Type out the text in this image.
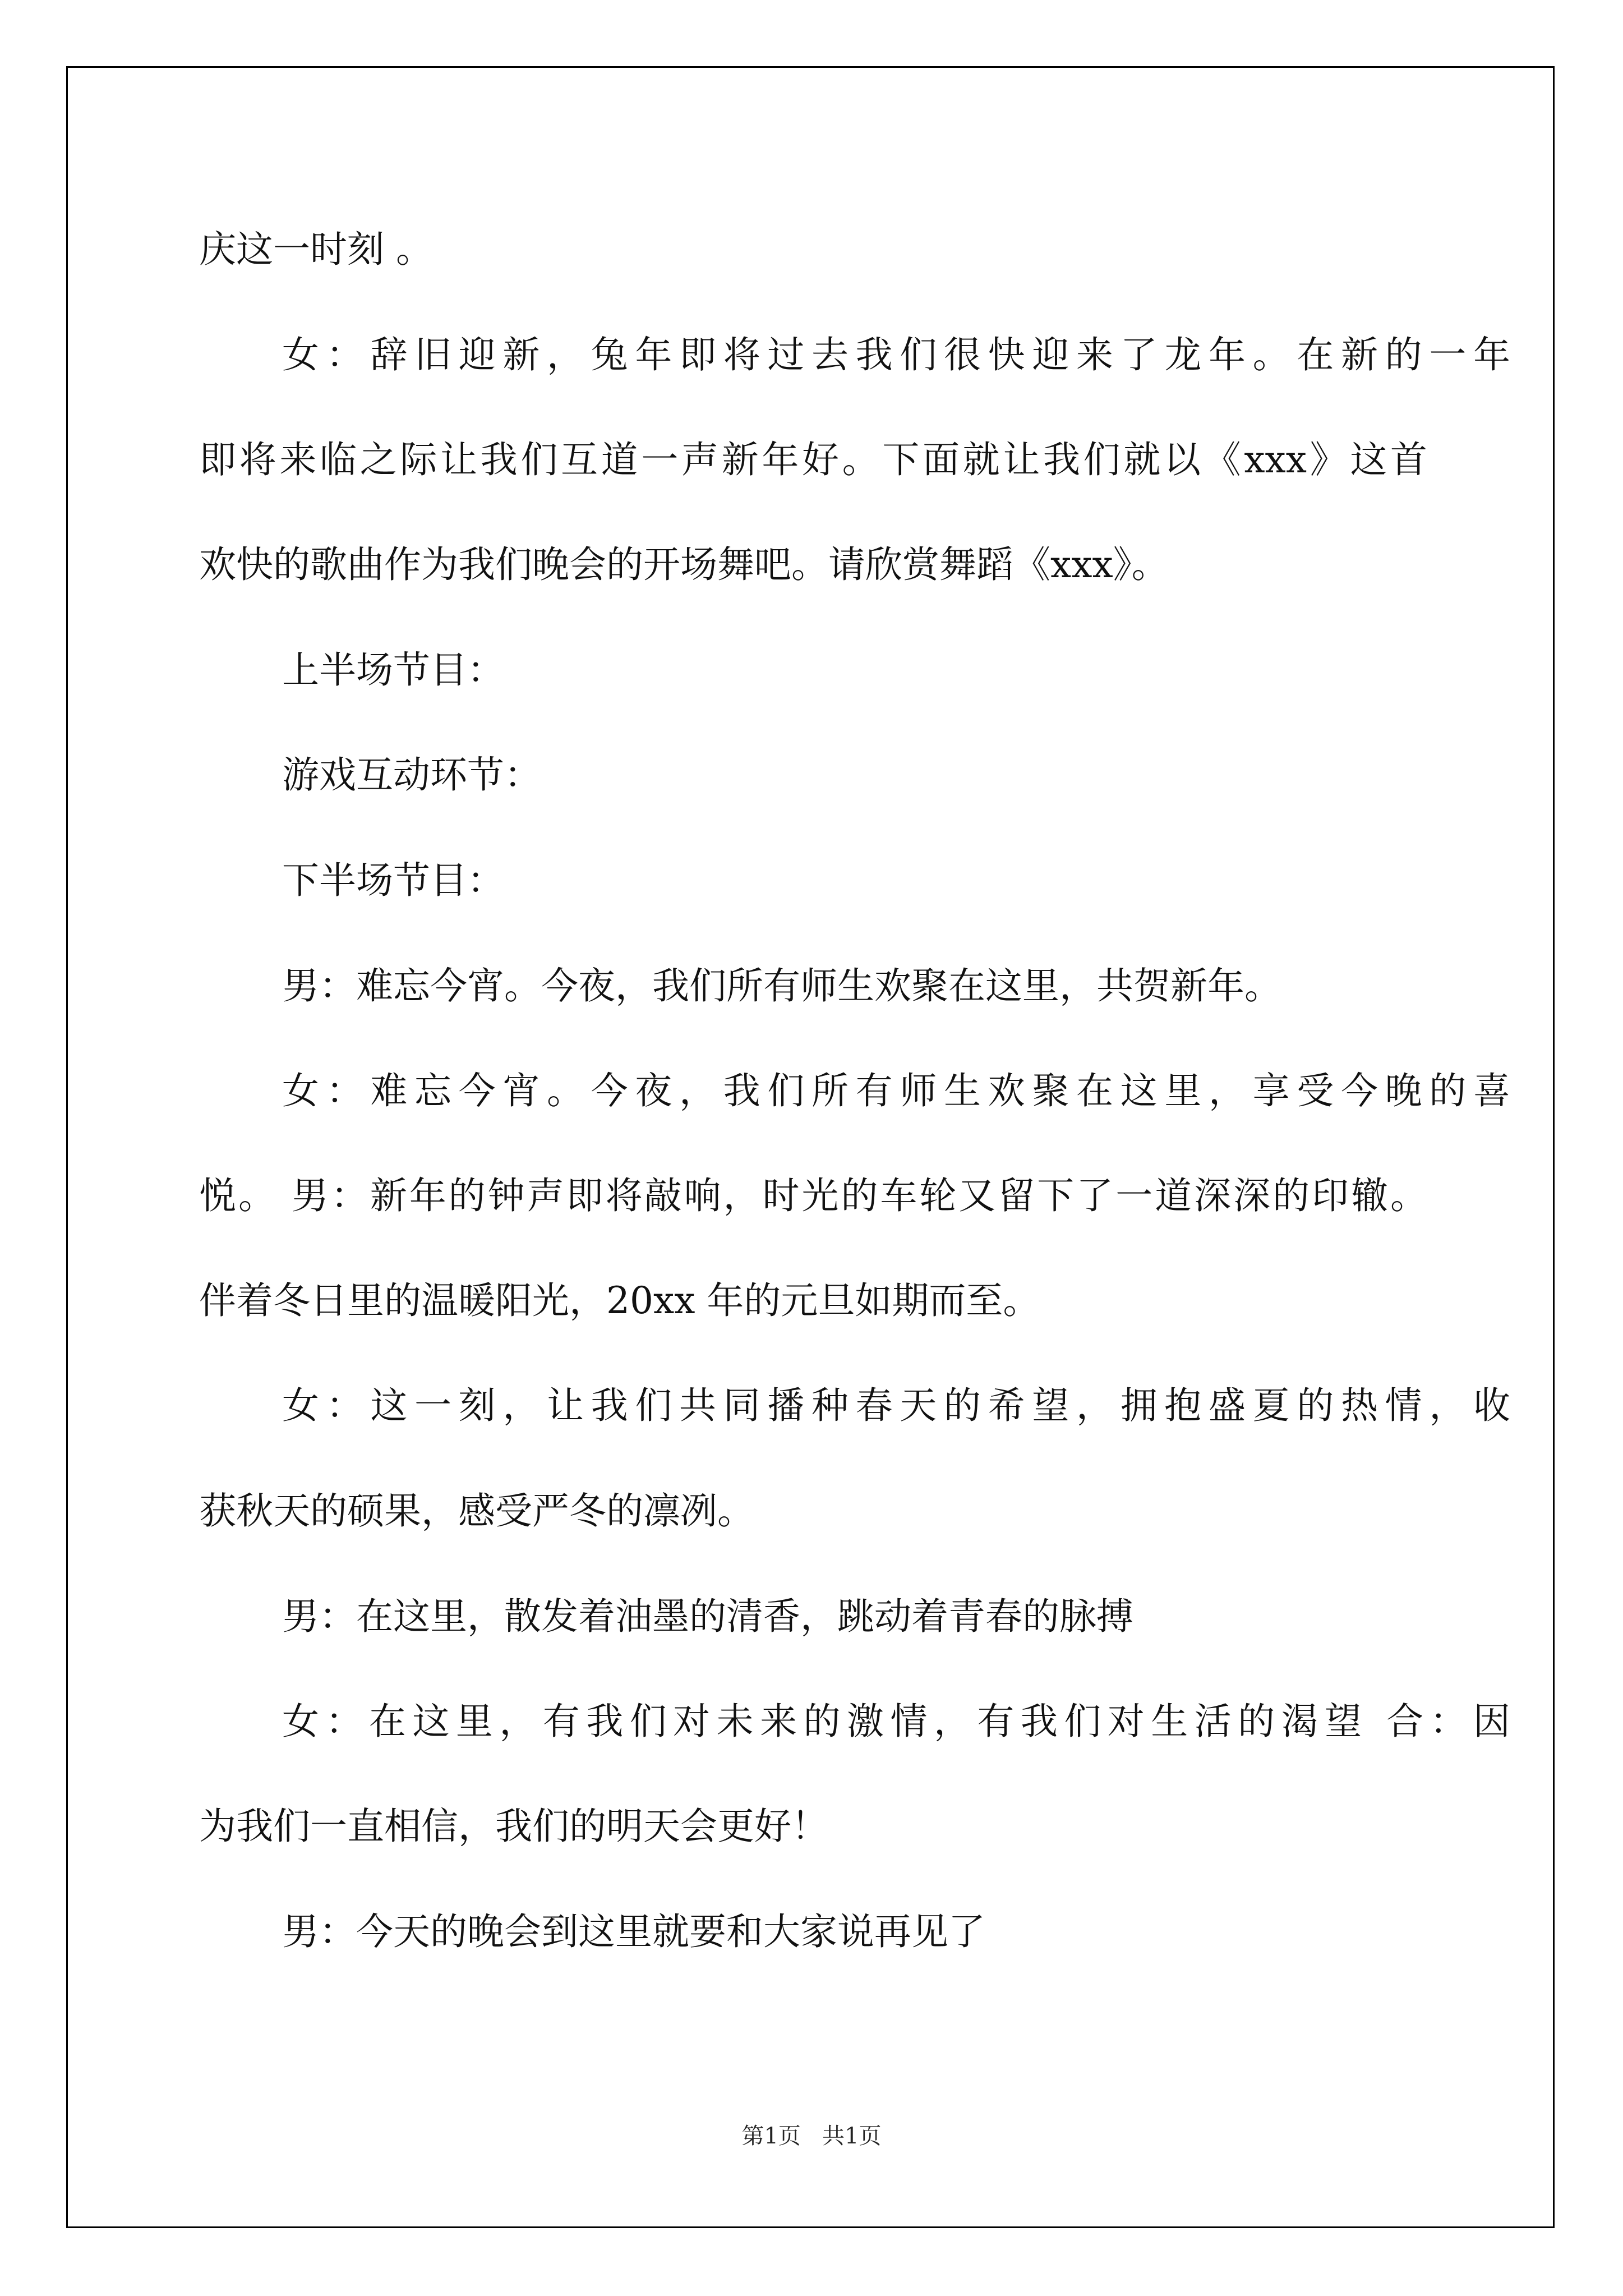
庆这一时刻 。
女：辞旧迎新，兔年即将过去我们很快迎来了龙年。在新的一年
即将来临之际让我们互道一声新年好。下面就让我们就以《xxx》这首
欢快的歌曲作为我们晚会的开场舞吧。请欣赏舞蹈《xxx》。
上半场节目：
游戏互动环节：
下半场节目：
男：难忘今宵。今夜，我们所有师生欢聚在这里，共贺新年。
女：难忘今宵。今夜，我们所有师生欢聚在这里，享受今晚的喜
悦。 男：新年的钟声即将敲响，时光的车轮又留下了一道深深的印辙。
伴着冬日里的温暖阳光，20xx 年的元旦如期而至。
女：这一刻，让我们共同播种春天的希望，拥抱盛夏的热情，收
获秋天的硕果，感受严冬的凛冽。
男：在这里，散发着油墨的清香，跳动着青春的脉搏
女：在这里，有我们对未来的激情，有我们对生活的渴望 合：因
为我们一直相信，我们的明天会更好！
男：今天的晚会到这里就要和大家说再见了
第1页   共1页
